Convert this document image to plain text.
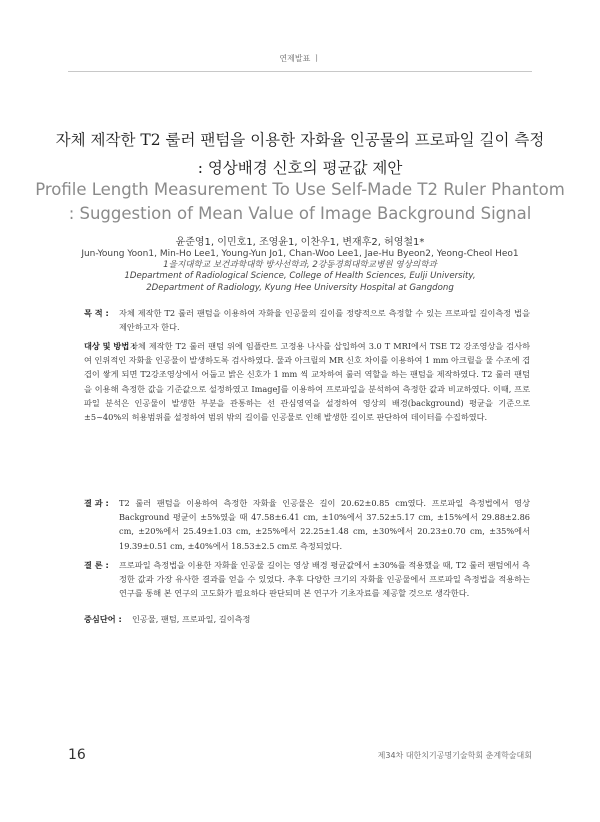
연제발표 ㅣ
자체 제작한 T2 룰러 팬텀을 이용한 자화율 인공물의 프로파일 길이 측정
: 영상배경 신호의 평균값 제안
Profile Length Measurement To Use Self-Made T2 Ruler Phantom
: Suggestion of Mean Value of Image Background Signal
윤준영1, 이민호1, 조영윤1, 이찬우1, 변재후2, 허영철1*
Jun-Young Yoon1, Min-Ho Lee1, Young-Yun Jo1, Chan-Woo Lee1, Jae-Hu Byeon2, Yeong-Cheol Heo1
1을지대학교 보건과학대학 방사선학과, 2강동경희대학교병원 영상의학과
1Department of Radiological Science, College of Health Sciences, Eulji University,
2Department of Radiology, Kyung Hee University Hospital at Gangdong
목 적 :	자체 제작한 T2 룰러 팬텀을 이용하여 자화율 인공물의 길이를 정량적으로 측정할 수 있는 프로파일 길이측정 법을 제안하고자 한다.
대상 및 방법 :
자체 제작한 T2 룰러 팬텀 위에 임플란트 고정용 나사를 삽입하여 3.0 T MRI에서 TSE T2 강조영상을 검사하여 인위적인 자화율 인공물이 발생하도록 검사하였다. 물과 아크릴의 MR 신호 차이를 이용하여 1 mm 아크릴을 물 수조에 겹겹이 쌓게 되면 T2강조영상에서 어둡고 밝은 신호가 1 mm 씩 교차하여 룰러 역할을 하는 팬텀을 제작하였다. T2 룰러 팬텀을 이용해 측정한 값을 기준값으로 설정하였고 ImageJ를 이용하여 프로파일을 분석하여 측정한 값과 비교하였다. 이때, 프로파일 분석은 인공물이 발생한 부분을 관통하는 선 관심영역을 설정하여 영상의 배경(background) 평균을 기준으로 ±5~40%의 허용범위를 설정하여 범위 밖의 길이를 인공물로 인해 발생한 길이로 판단하여 데이터를 수집하였다.
결 과 :	T2 룰러 팬텀을 이용하여 측정한 자화율 인공물은 길이 20.62±0.85 cm였다. 프로파일 측정법에서 영상 Background 평균이 ±5%였을 때 47.58±6.41 cm, ±10%에서 37.52±5.17 cm, ±15%에서 29.88±2.86 cm, ±20%에서 25.49±1.03 cm, ±25%에서 22.25±1.48 cm, ±30%에서 20.23±0.70 cm, ±35%에서 19.39±0.51 cm, ±40%에서 18.53±2.5 cm로 측정되었다.
결 론 :	프로파일 측정법을 이용한 자화율 인공물 길이는 영상 배경 평균값에서 ±30%를 적용했을 때, T2 룰러 팬텀에서 측정한 값과 가장 유사한 결과를 얻을 수 있었다. 추후 다양한 크기의 자화율 인공물에서 프로파일 측정법을 적용하는 연구를 통해 본 연구의 고도화가 필요하다 판단되며 본 연구가 기초자료를 제공할 것으로 생각한다.
중심단어 :	인공물, 팬텀, 프로파일, 길이측정
16	제34차 대한치기공명기술학회 춘계학술대회
